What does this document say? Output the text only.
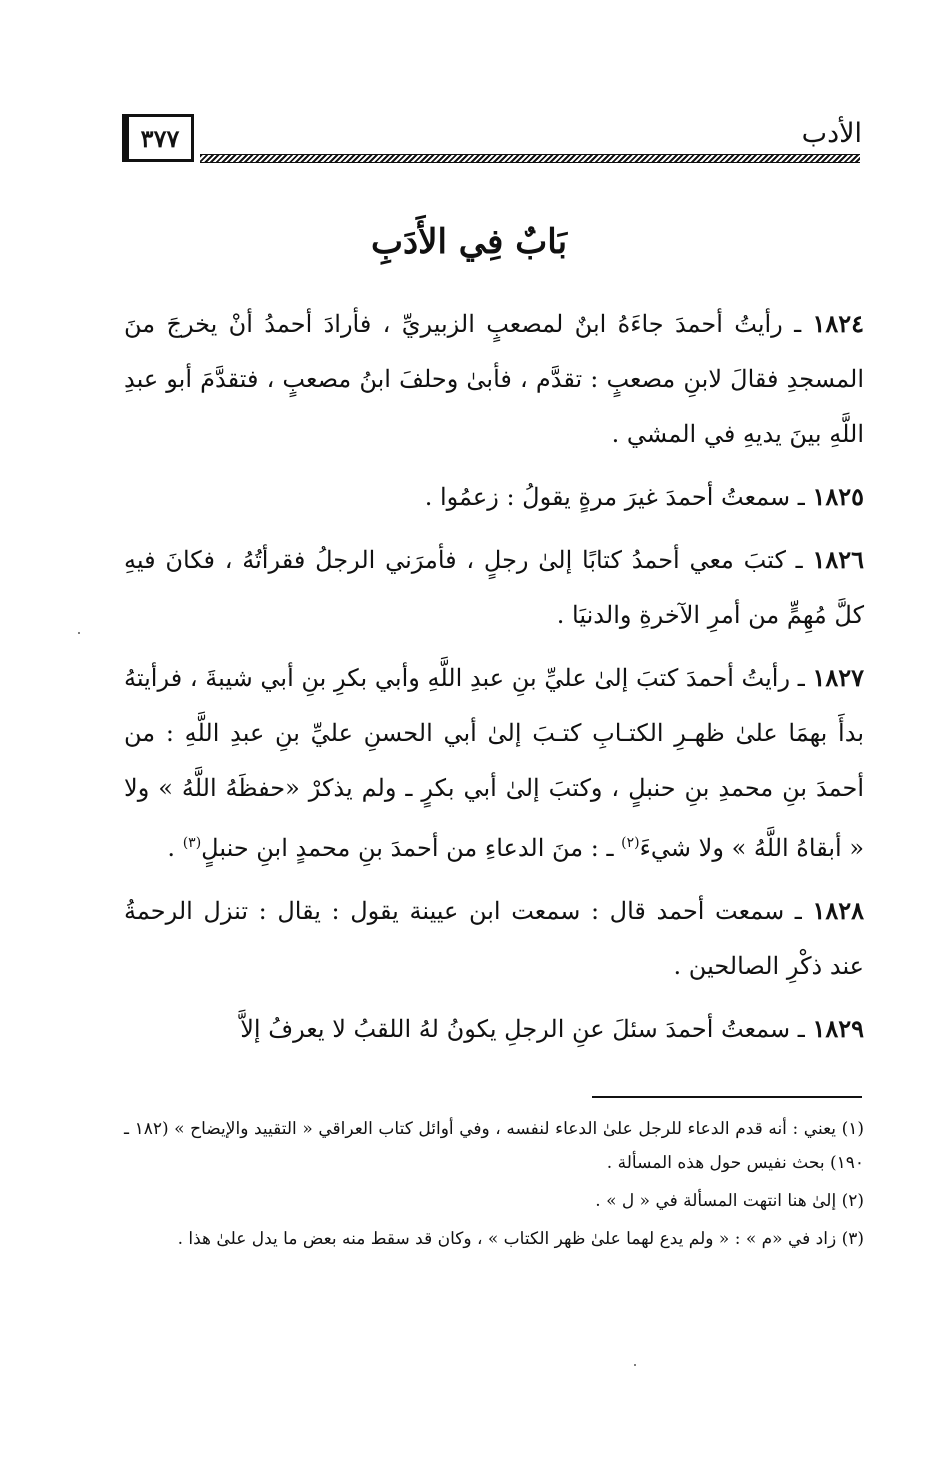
الأدب
٣٧٧
بَابٌ فِي الأَدَبِ

١٨٢٤ ـ رأيتُ أحمدَ جاءَهُ ابنٌ لمصعبٍ الزبيريِّ ، فأرادَ أحمدُ أنْ يخرجَ منَ المسجدِ فقالَ لابنِ مصعبٍ : تقدَّم ، فأبىٰ وحلفَ ابنُ مصعبٍ ، فتقدَّمَ أبو عبدِ اللَّهِ بينَ يديهِ في المشي .

١٨٢٥ ـ سمعتُ أحمدَ غيرَ مرةٍ يقولُ : زعمُوا .

١٨٢٦ ـ كتبَ معي أحمدُ كتابًا إلىٰ رجلٍ ، فأمرَني الرجلُ فقرأتُهُ ، فكانَ فيهِ كلَّ مُهِمٍّ من أمرِ الآخرةِ والدنيَا .

١٨٢٧ ـ رأيتُ أحمدَ كتبَ إلىٰ عليِّ بنِ عبدِ اللَّهِ وأبي بكرِ بنِ أبي شيبةَ ، فرأيتهُ بدأَ بهمَا علىٰ ظهـرِ الكتـابِ كتـبَ إلىٰ أبي الحسنِ عليِّ بنِ عبدِ اللَّهِ : من أحمدَ بنِ محمدِ بنِ حنبلٍ ، وكتبَ إلىٰ أبي بكرٍ ـ ولم يذكرْ «حفظَهُ اللَّهُ » ولا « أبقاهُ اللَّهُ » ولا شيءَ$^{(٢)}$ ـ : منَ الدعاءِ من أحمدَ بنِ محمدٍ ابنِ حنبلٍ$^{(٣)}$ .

١٨٢٨ ـ سمعت أحمد قال : سمعت ابن عيينة يقول : يقال : تنزل الرحمةُ عند ذكْرِ الصالحين .

١٨٢٩ ـ سمعتُ أحمدَ سئلَ عنِ الرجلِ يكونُ لهُ اللقبُ لا يعرفُ إلاَّ

(١) يعني : أنه قدم الدعاء للرجل علىٰ الدعاء لنفسه ، وفي أوائل كتاب العراقي « التقييد والإيضاح » (١٨٢ ـ ١٩٠) بحث نفيس حول هذه المسألة .

(٢) إلىٰ هنا انتهت المسألة في « ل » .

(٣) زاد في «م » : « ولم يدع لهما علىٰ ظهر الكتاب » ، وكان قد سقط منه بعض ما يدل علىٰ هذا .
